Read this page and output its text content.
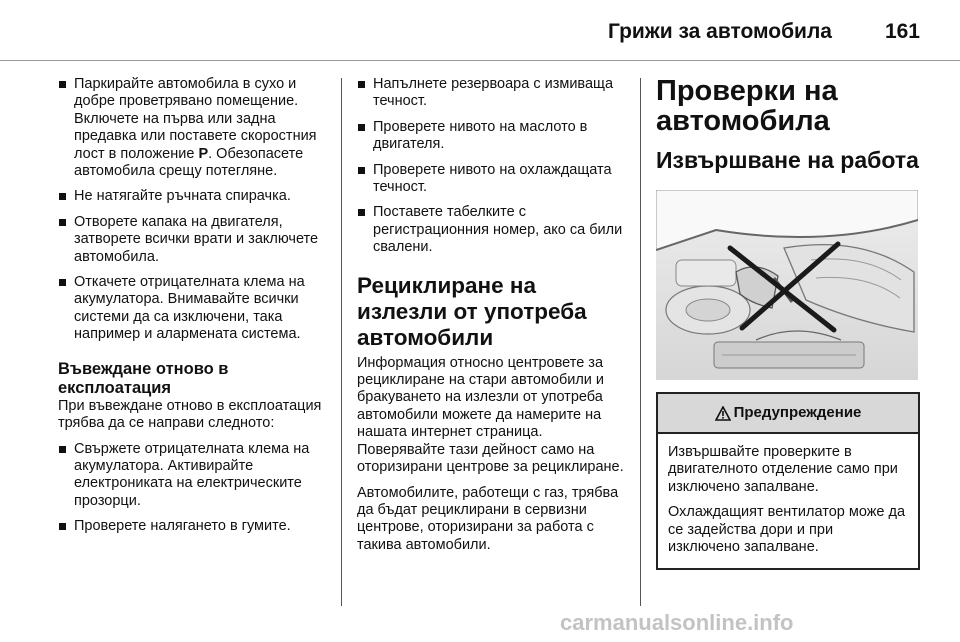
Грижи за автомобила	161
Паркирайте автомобила в сухо и добре проветрявано помещение. Включете на първа или задна предавка или поставете скоростния лост в положение P. Обезопасете автомобила срещу потегляне.
Не натягайте ръчната спирачка.
Отворете капака на двигателя, затворете всички врати и заключете автомобила.
Откачете отрицателната клема на акумулатора. Внимавайте всички системи да са изключени, така например и алармената система.
Въвеждане отново в експлоатация

При въвеждане отново в експлоатация трябва да се направи следното:

Свържете отрицателната клема на акумулатора. Активирайте електрониката на електрическите прозорци.
Проверете налягането в гумите.
Напълнете резервоара с измиваща течност.
Проверете нивото на маслото в двигателя.
Проверете нивото на охлаждащата течност.
Поставете табелките с регистрационния номер, ако са били свалени.
Рециклиране на излезли от употреба автомобили

Информация относно центровете за рециклиране на стари автомобили и бракуването на излезли от употреба автомобили можете да намерите на нашата интернет страница. Поверявайте тази дейност само на оторизирани центрове за рециклиране.

Автомобилите, работещи с газ, трябва да бъдат рециклирани в сервизни центрове, оторизирани за работа с такива автомобили.

Проверки на автомобила
Извършване на работа
Предупреждение

Извършвайте проверките в двигателното отделение само при изключено запалване.

Охлаждащият вентилатор може да се задейства дори и при изключено запалване.

carmanualsonline.info
